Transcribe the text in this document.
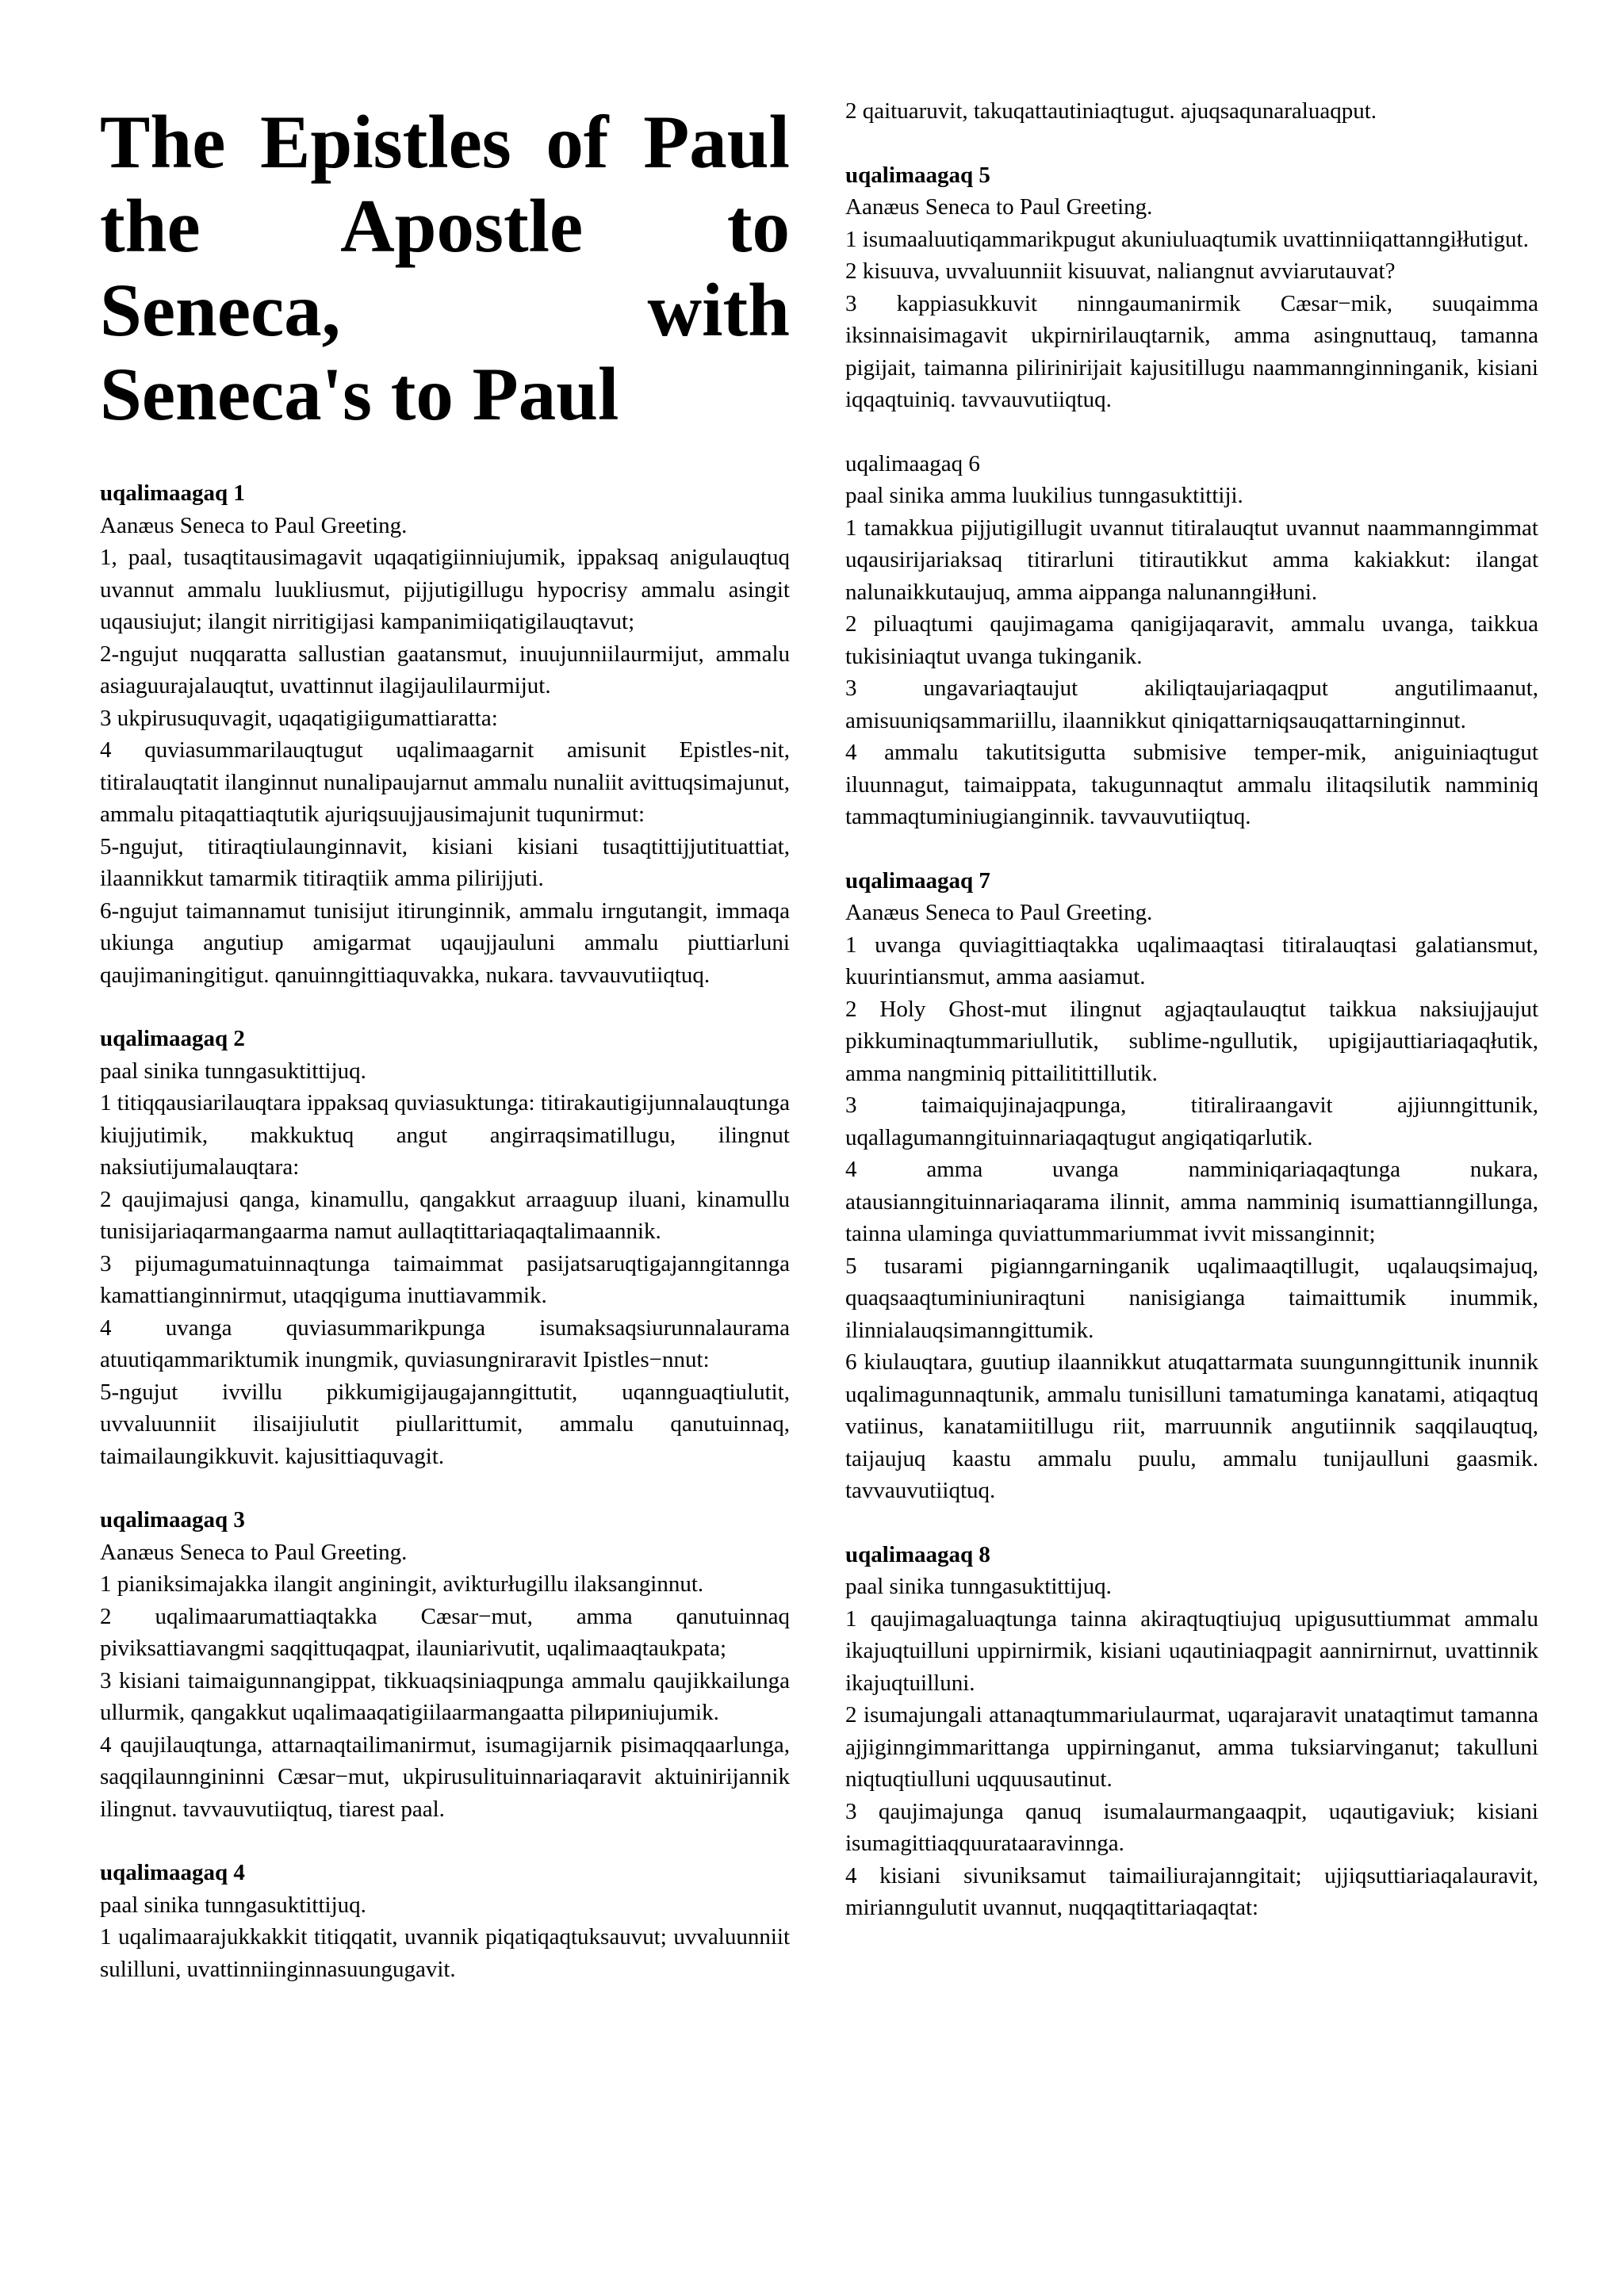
The Epistles of Paul the Apostle to Seneca, with Seneca's to Paul
uqalimaagaq 1
Aanæus Seneca to Paul Greeting.
1, paal, tusaqtitausimagavit uqaqatigiinniujumik, ippaksaq anigulauqtuq uvannut ammalu luukliusmut, pijjutigillugu hypocrisy ammalu asingit uqausiujut; ilangit nirritigijasi kampanimiiqatigilauqtavut;
2-ngujut nuqqaratta sallustian gaatansmut, inuujunniilaurmijut, ammalu asiaguurajalauqtut, uvattinnut ilagijaulilaurmijut.
3 ukpirusuquvagit, uqaqatigiigumattiaratta:
4 quviasummarilauqtugut uqalimaagarnit amisunit Epistles-nit, titiralauqtatit ilanginnut nunalipaujarnut ammalu nunaliit avittuqsimajunut, ammalu pitaqattiaqtutik ajuriqsuujjausimajunit tuqunirmut:
5-ngujut, titiraqtiulaunginnavit, kisiani kisiani tusaqtittijjutituattiat, ilaannikkut tamarmik titiraqtiik amma pilirijjuti.
6-ngujut taimannamut tunisijut itirunginnik, ammalu irngutangit, immaqa ukiunga angutiup amigarmat uqaujjauluni ammalu piuttiarluni qaujimaningitigut. qanuinngittiaquvakka, nukara. tavvauvutiiqtuq.
uqalimaagaq 2
paal sinika tunngasuktittijuq.
1 titiqqausiarilauqtara ippaksaq quviasuktunga: titirakautigijunnalauqtunga kiujjutimik, makkuktuq angut angirraqsimatillugu, ilingnut naksiutijumalauqtara:
2 qaujimajusi qanga, kinamullu, qangakkut arraaguup iluani, kinamullu tunisijariaqarmangaarma namut aullaqtittariaqaqtalimaannik.
3 pijumagumatuinnaqtunga taimaimmat pasijatsaruqtigajanngitannga kamattianginnirmut, utaqqiguma inuttiavammik.
4 uvanga quviasummarikpunga isumaksaqsiurunnalaurama atuutiqammariktumik inungmik, quviasungniraravit Ipistles−nnut:
5-ngujut ivvillu pikkumigijaugajanngittutit, uqannguaqtiulutit, uvvaluunniit ilisaijiulutit piullarittumit, ammalu qanutuinnaq, taimailaungikkuvit. kajusittiaquvagit.
uqalimaagaq 3
Aanæus Seneca to Paul Greeting.
1 pianiksimajakka ilangit anginingit, avikturługillu ilaksanginnut.
2 uqalimaarumattiaqtakka Cæsar−mut, amma qanutuinnaq piviksattiavangmi saqqittuqaqpat, ilauniarivutit, uqalimaaqtaukpata;
3 kisiani taimaigunnangippat, tikkuaqsiniaqpunga ammalu qaujikkailunga ullurmik, qangakkut uqalimaaqatigiilaarmangaatta pilириniujumik.
4 qaujilauqtunga, attarnaqtailimanirmut, isumagijarnik pisimaqqaarlunga, saqqilaunngininni Cæsar−mut, ukpirusulituinnariaqaravit aktuinirijannik ilingnut. tavvauvutiiqtuq, tiarest paal.
uqalimaagaq 4
paal sinika tunngasuktittijuq.
1 uqalimaarajukkakkit titiqqatit, uvannik piqatiqaqtuksauvut; uvvaluunniit sulilluni, uvattinniinginnasuungugavit.
2 qaituaruvit, takuqattautiniaqtugut. ajuqsaqunaraluaqput.
uqalimaagaq 5
Aanæus Seneca to Paul Greeting.
1 isumaaluutiqammarikpugut akuniuluaqtumik uvattinniiqattanngiłłutigut.
2 kisuuva, uvvaluunniit kisuuvat, naliangnut avviarutauvat?
3 kappiasukkuvit ninngaumanirmik Cæsar−mik, suuqaimma iksinnaisimagavit ukpirnirilauqtarnik, amma asingnuttauq, tamanna pigijait, taimanna pilirinirijait kajusitillugu naammannginninganik, kisiani iqqaqtuiniq. tavvauvutiiqtuq.
uqalimaagaq 6
paal sinika amma luukilius tunngasuktittiji.
1 tamakkua pijjutigillugit uvannut titiralauqtut uvannut naammanngimmat uqausirijariaksaq titirarluni titirautikkut amma kakiakkut: ilangat nalunaikkutaujuq, amma aippanga nalunanngiłłuni.
2 piluaqtumi qaujimagama qanigijaqaravit, ammalu uvanga, taikkua tukisiniaqtut uvanga tukinganik.
3 ungavariaqtaujut akiliqtaujariaqaqput angutilimaanut, amisuuniqsammariillu, ilaannikkut qiniqattarniqsauqattarninginnut.
4 ammalu takutitsigutta submisive temper-mik, aniguiniaqtugut iluunnagut, taimaippata, takugunnaqtut ammalu ilitaqsilutik namminiq tammaqtuminiugianginnik. tavvauvutiiqtuq.
uqalimaagaq 7
Aanæus Seneca to Paul Greeting.
1 uvanga quviagittiaqtakka uqalimaaqtasi titiralauqtasi galatiansmut, kuurintiansmut, amma aasiamut.
2 Holy Ghost-mut ilingnut agjaqtaulauqtut taikkua naksiujjaujut pikkuminaqtummariullutik, sublime-ngullutik, upigijauttiariaqaqłutik, amma nangminiq pittailitittillutik.
3 taimaiqujinajaqpunga, titiraliraangavit ajjiunngittunik, uqallagumanngituinnariaqaqtugut angiqatiqarlutik.
4 amma uvanga namminiqariaqaqtunga nukara, atausianngituinnariaqarama ilinnit, amma namminiq isumattianngillunga, tainna ulaminga quviattummariummat ivvit missanginnit;
5 tusarami pigianngarninganik uqalimaaqtillugit, uqalauqsimajuq, quaqsaaqtuminiuniraqtuni nanisigianga taimaittumik inummik, ilinnialauqsimanngittumik.
6 kiulauqtara, guutiup ilaannikkut atuqattarmata suungunngittunik inunnik uqalimagunnaqtunik, ammalu tunisilluni tamatuminga kanatami, atiqaqtuq vatiinus, kanatamiitillugu riit, marruunnik angutiinnik saqqilauqtuq, taijaujuq kaastu ammalu puulu, ammalu tunijaulluni gaasmik. tavvauvutiiqtuq.
uqalimaagaq 8
paal sinika tunngasuktittijuq.
1 qaujimagaluaqtunga tainna akiraqtuqtiujuq upigusuttiummat ammalu ikajuqtuilluni uppirnirmik, kisiani uqautiniaqpagit aannirnirnut, uvattinnik ikajuqtuilluni.
2 isumajungali attanaqtummariulaurmat, uqarajaravit unataqtimut tamanna ajjiginngimmarittanga uppirninganut, amma tuksiarvinganut; takulluni niqtuqtiulluni uqquusautinut.
3 qaujimajunga qanuq isumalaurmangaaqpit, uqautigaviuk; kisiani isumagittiaqquurataaravinnga.
4 kisiani sivuniksamut taimailiurajanngitait; ujjiqsuttiariaqalauravit, mirianngulutit uvannut, nuqqaqtittariaqaqtat:
